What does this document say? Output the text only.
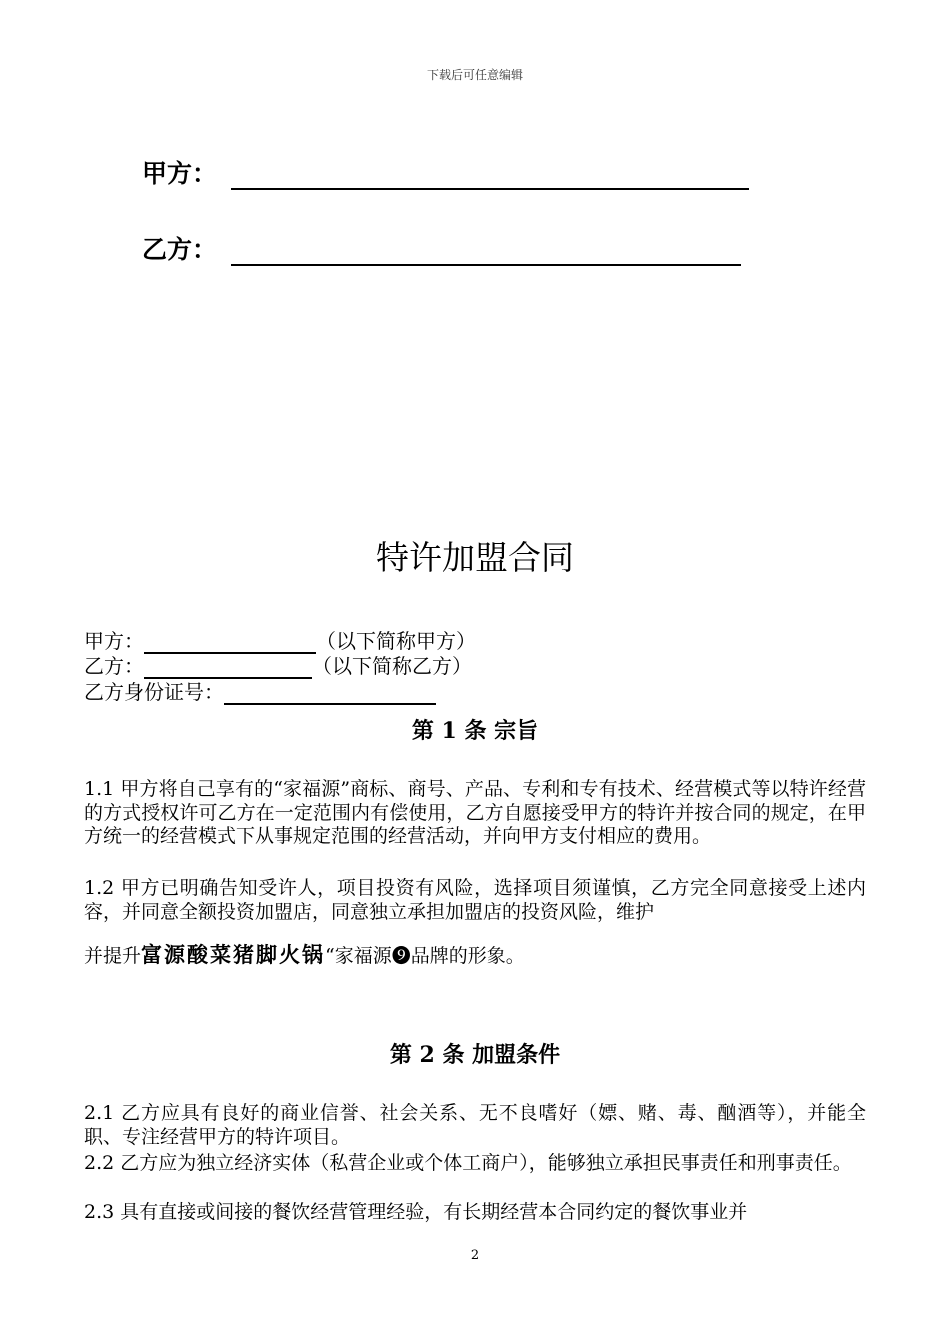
下载后可任意编辑
甲方：
乙方：
特许加盟合同
甲方：	（以下简称甲方）
乙方：	（以下简称乙方）
乙方身份证号：
第 1 条 宗旨
1.1 甲方将自己享有的“家福源”商标、商号、产品、专利和专有技术、经营模式等以特许经营的方式授权许可乙方在一定范围内有偿使用，乙方自愿接受甲方的特许并按合同的规定，在甲方统一的经营模式下从事规定范围的经营活动，并向甲方支付相应的费用。
1.2 甲方已明确告知受许人，项目投资有风险，选择项目须谨慎，乙方完全同意接受上述内容，并同意全额投资加盟店，同意独立承担加盟店的投资风险，维护
并提升富源酸菜猪脚火锅“家福源❾品牌的形象。
第 2 条 加盟条件
2.1 乙方应具有良好的商业信誉、社会关系、无不良嗜好（嫖、赌、毒、酗酒等），并能全职、专注经营甲方的特许项目。
2.2 乙方应为独立经济实体（私营企业或个体工商户），能够独立承担民事责任和刑事责任。
2.3 具有直接或间接的餐饮经营管理经验，有长期经营本合同约定的餐饮事业并
2
